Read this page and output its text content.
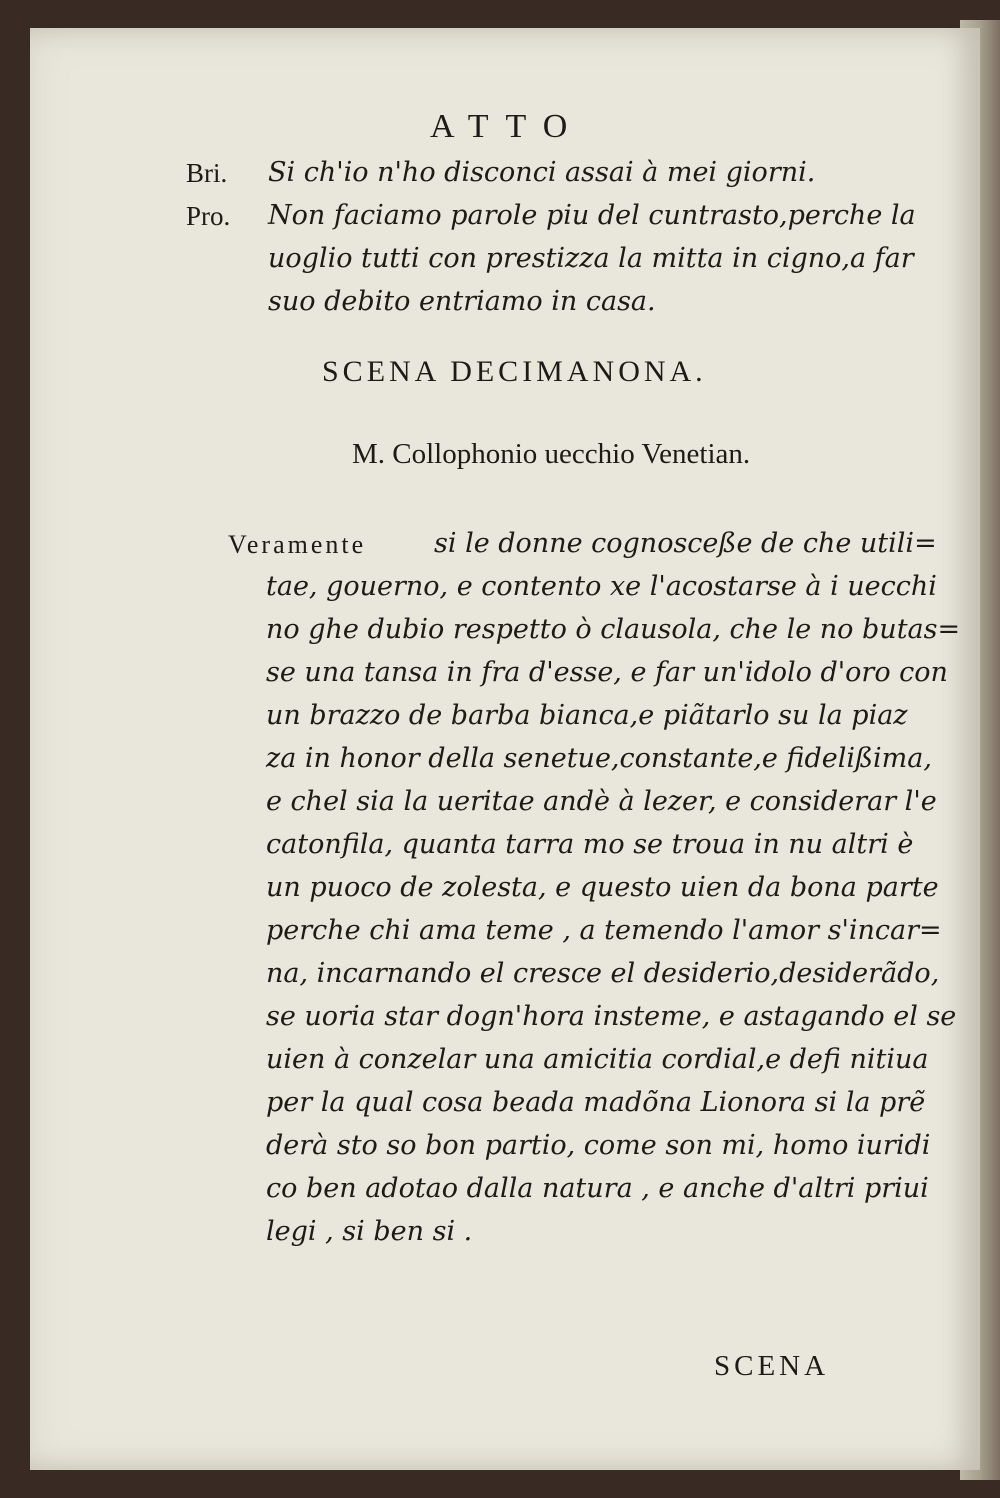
ATTO
Bri. Si ch'io n'ho disconci assai à mei giorni.
Pro. Non faciamo parole piu del cuntrasto,perche la
uoglio tutti con prestizza la mitta in cigno,a far
suo debito entriamo in casa.
SCENA DECIMANONA.
M. Collophonio uecchio Venetian.
Veramente	si le donne cognosceße de che utili=
tae, gouerno, e contento xe l'acostarse à i uecchi
no ghe dubio respetto ò clausola, che le no butas=
se una tansa in fra d'esse, e far un'idolo d'oro con
un brazzo de barba bianca,e piãtarlo su la piaz
za in honor della senetue,constante,e fidelißima,
e chel sia la ueritae andè à lezer, e considerar l'e
catonfila, quanta tarra mo se troua in nu altri è
un puoco de zolesta, e questo uien da bona parte
perche chi ama teme , a temendo l'amor s'incar=
na, incarnando el cresce el desiderio,desiderãdo,
se uoria star dogn'hora insteme, e astagando el se
uien à conzelar una amicitia cordial,e defi nitiua
per la qual cosa beada madõna Lionora si la prẽ
derà sto so bon partio, come son mi, homo iuridi
co ben adotao dalla natura , e anche d'altri priui
legi , si ben si .
SCENA
